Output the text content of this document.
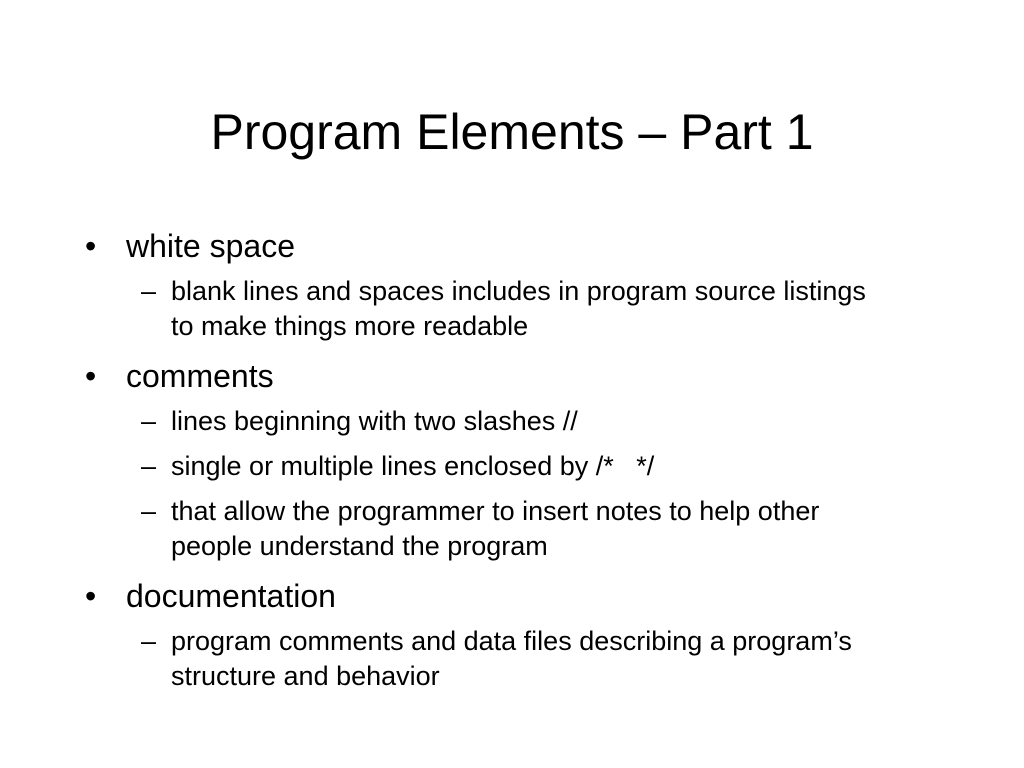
Program Elements – Part 1
• white space
– blank lines and spaces includes in program source listings to make things more readable
• comments
– lines beginning with two slashes //
– single or multiple lines enclosed by /*   */
– that allow the programmer to insert notes to help other people understand the program
• documentation
– program comments and data files describing a program’s structure and behavior
